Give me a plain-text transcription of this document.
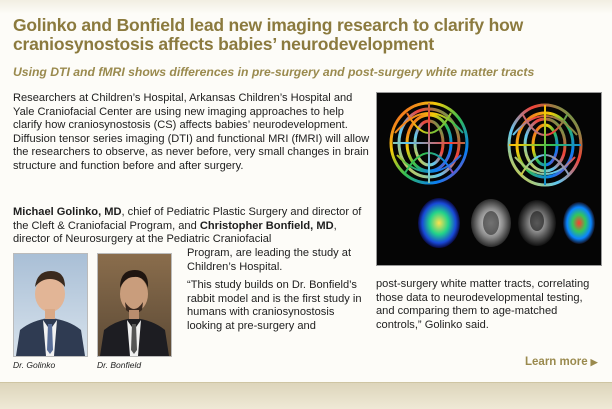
Golinko and Bonfield lead new imaging research to clarify how craniosynostosis affects babies’ neurodevelopment
Using DTI and fMRI shows differences in pre-surgery and post-surgery white matter tracts

Researchers at Children’s Hospital, Arkansas Children’s Hospital and Yale Craniofacial Center are using new imaging approaches to help clarify how craniosynostosis (CS) affects babies’ neurodevelopment. Diffusion tensor series imaging (DTI) and functional MRI (fMRI) will allow the researchers to observe, as never before, very small changes in brain structure and function before and after surgery.

Michael Golinko, MD, chief of Pediatric Plastic Surgery and director of the Cleft & Craniofacial Program, and Christopher Bonfield, MD, director of Neurosurgery at the Pediatric Craniofacial

Program, are leading the study at Children’s Hospital.

“This study builds on Dr. Bonfield’s rabbit model and is the first study in humans with craniosynostosis looking at pre-surgery and

Dr. Golinko	Dr. Bonfield

post-surgery white matter tracts, correlating those data to neurodevelopmental testing, and comparing them to age-matched controls,” Golinko said.

Learn more ▶
